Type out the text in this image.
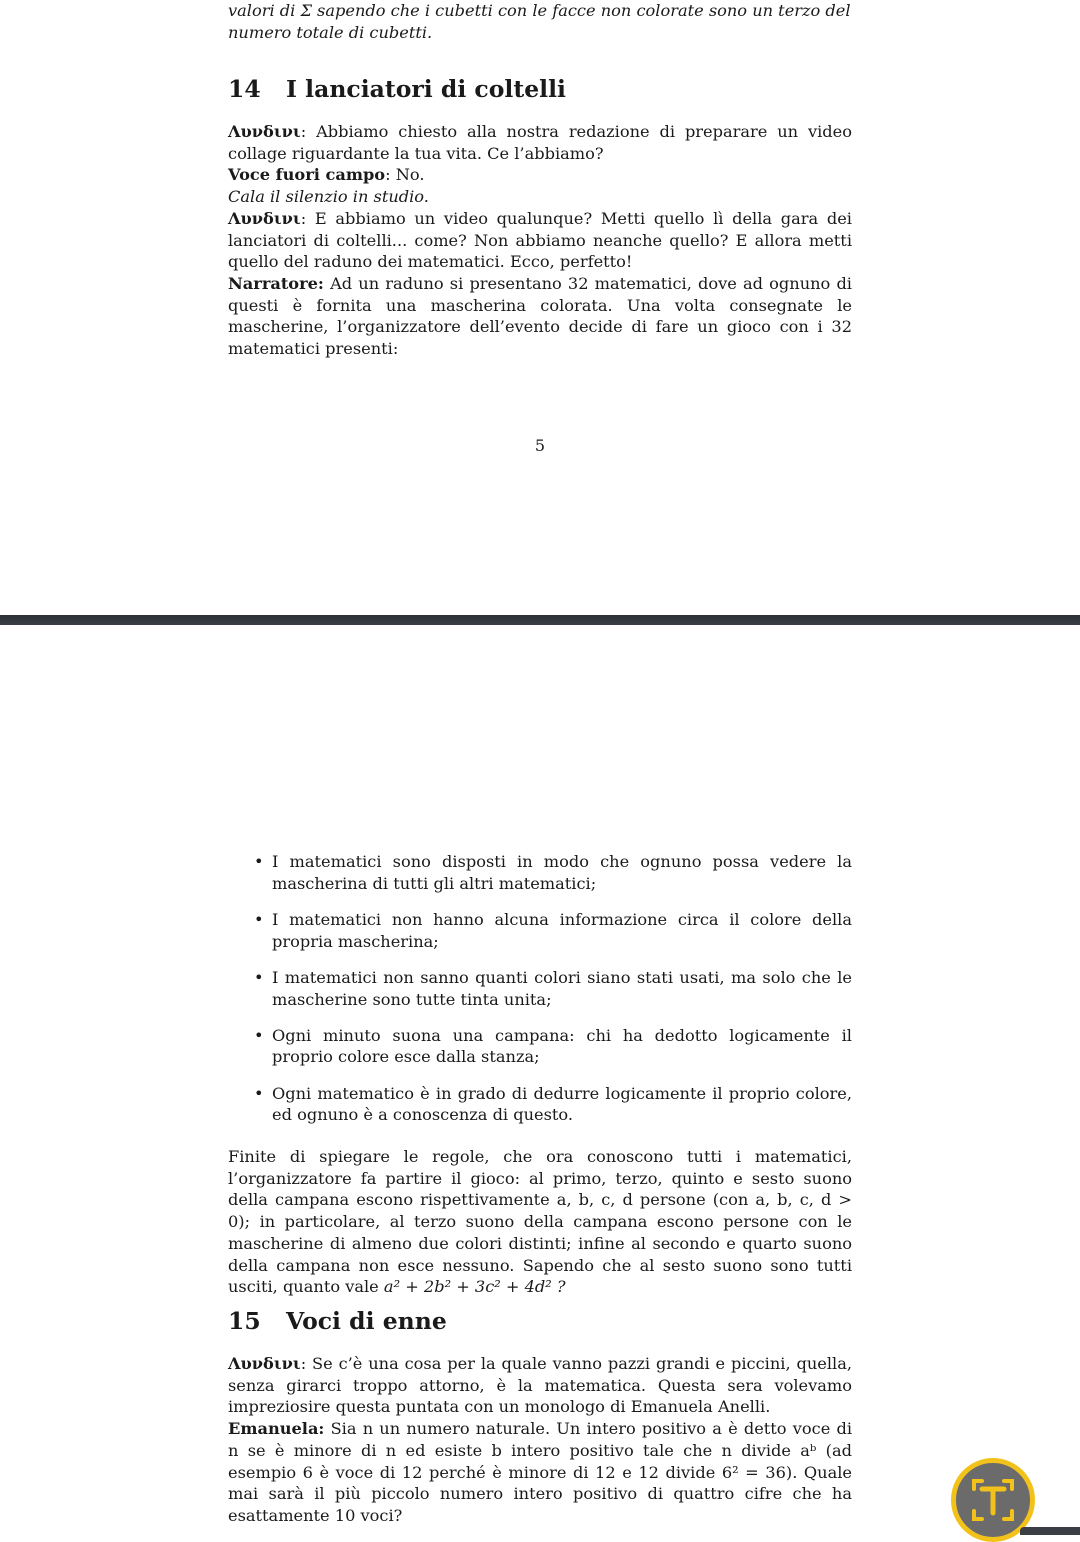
valori di Σ sapendo che i cubetti con le facce non colorate sono un terzo del

numero totale di cubetti.

14 I lanciatori di coltelli

Λυνδινι: Abbiamo chiesto alla nostra redazione di preparare un video collage riguardante la tua vita. Ce l’abbiamo?

Voce fuori campo: No.

Cala il silenzio in studio.

Λυνδινι: E abbiamo un video qualunque? Metti quello lì della gara dei lanciatori di coltelli... come? Non abbiamo neanche quello? E allora metti quello del raduno dei matematici. Ecco, perfetto!

Narratore: Ad un raduno si presentano 32 matematici, dove ad ognuno di questi è fornita una mascherina colorata. Una volta consegnate le mascherine, l’organizzatore dell’evento decide di fare un gioco con i 32 matematici presenti:

5
• I matematici sono disposti in modo che ognuno possa vedere la mascherina di tutti gli altri matematici;
• I matematici non hanno alcuna informazione circa il colore della propria mascherina;
• I matematici non sanno quanti colori siano stati usati, ma solo che le mascherine sono tutte tinta unita;
• Ogni minuto suona una campana: chi ha dedotto logicamente il proprio colore esce dalla stanza;
• Ogni matematico è in grado di dedurre logicamente il proprio colore, ed ognuno è a conoscenza di questo.

Finite di spiegare le regole, che ora conoscono tutti i matematici, l’organizzatore fa partire il gioco: al primo, terzo, quinto e sesto suono della campana escono rispettivamente a, b, c, d persone (con a, b, c, d > 0); in particolare, al terzo suono della campana escono persone con le mascherine di almeno due colori distinti; infine al secondo e quarto suono della campana non esce nessuno. Sapendo che al sesto suono sono tutti usciti, quanto vale a² + 2b² + 3c² + 4d² ?

15 Voci di enne

Λυνδινι: Se c’è una cosa per la quale vanno pazzi grandi e piccini, quella, senza girarci troppo attorno, è la matematica. Questa sera volevamo impreziosire questa puntata con un monologo di Emanuela Anelli.

Emanuela: Sia n un numero naturale. Un intero positivo a è detto voce di n se è minore di n ed esiste b intero positivo tale che n divide aᵇ (ad esempio 6 è voce di 12 perché è minore di 12 e 12 divide 6² = 36). Quale mai sarà il più piccolo numero intero positivo di quattro cifre che ha esattamente 10 voci?
